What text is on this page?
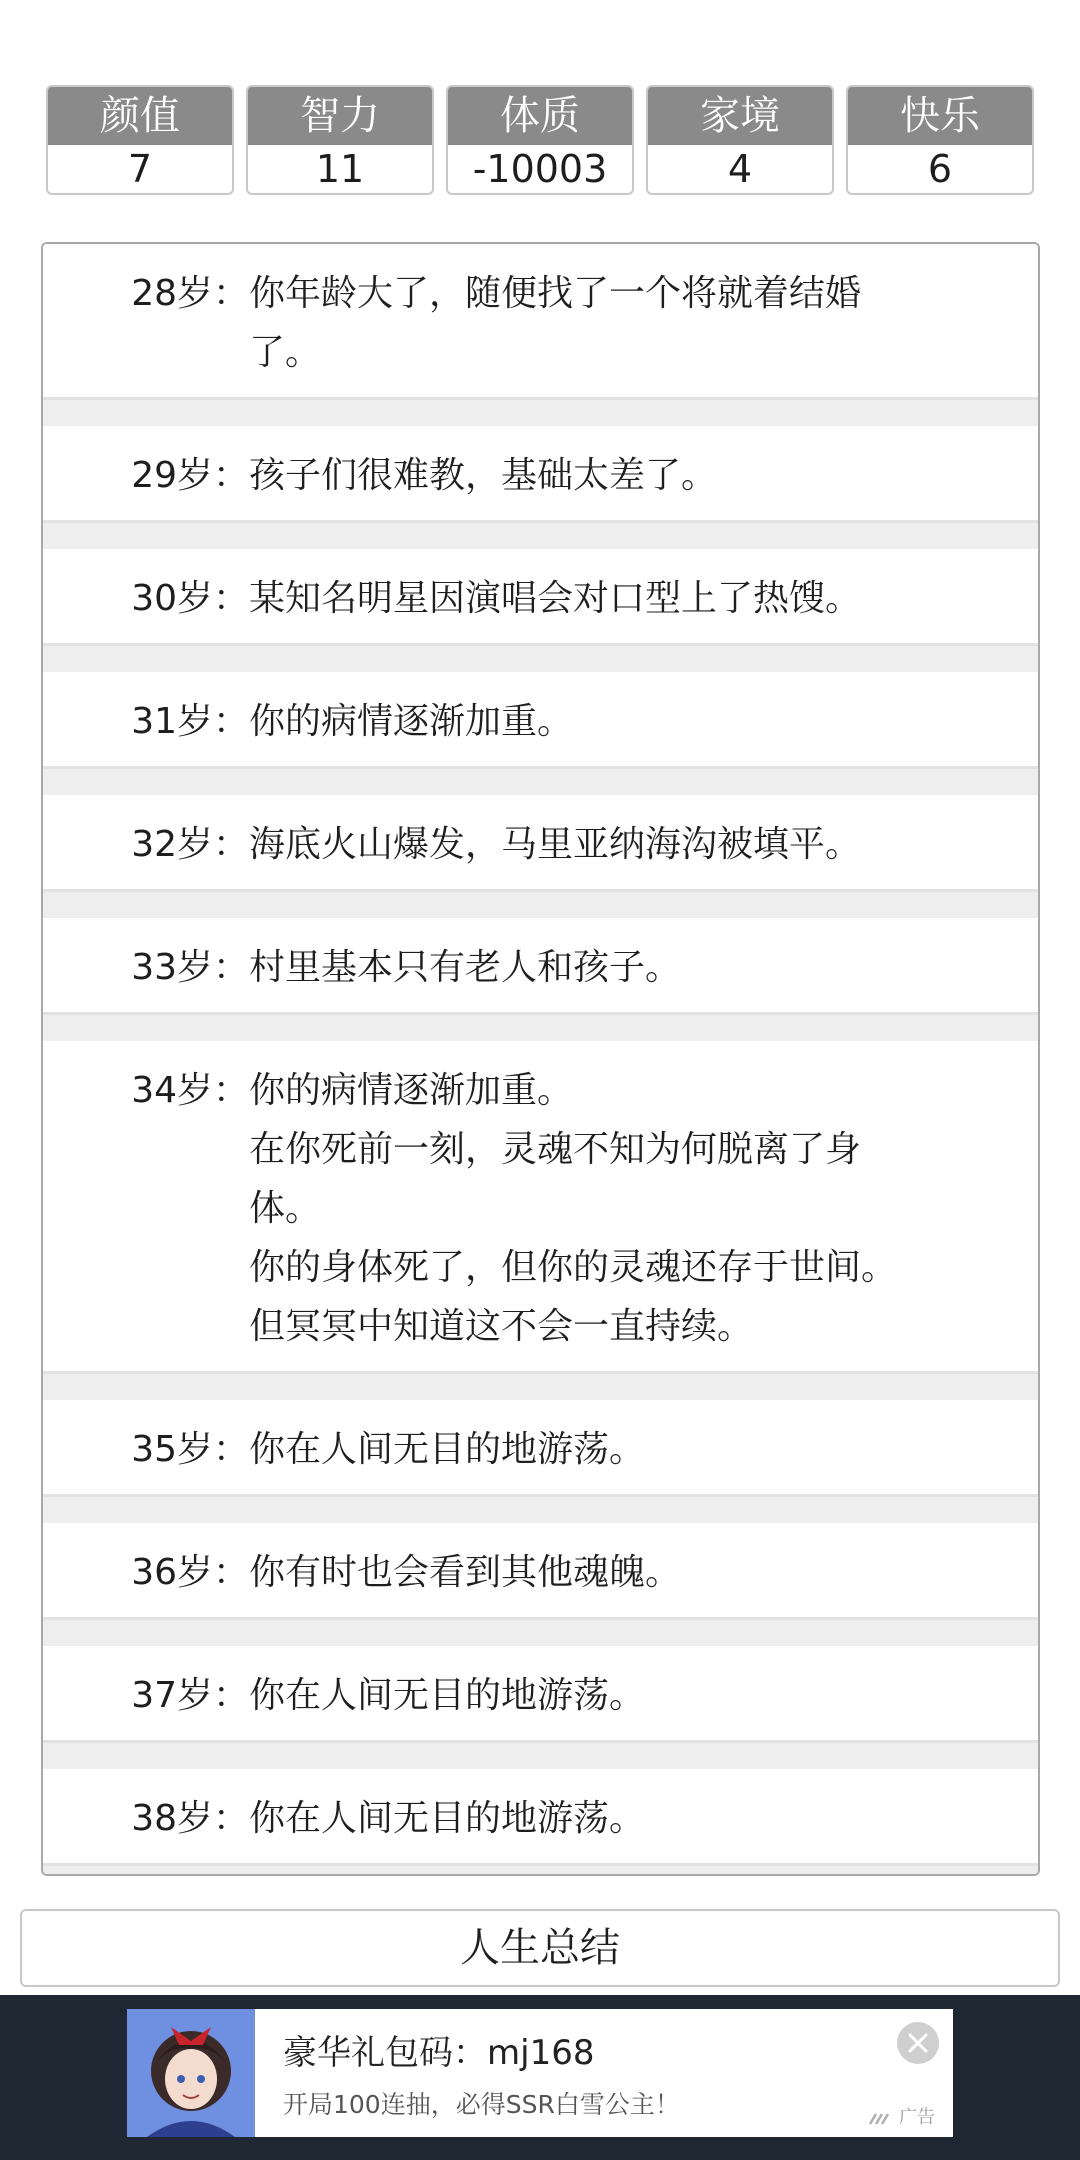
颜值
7
智力
11
体质
-10003
家境
4
快乐
6
28岁： 你年龄大了，随便找了一个将就着结婚
了。
29岁： 孩子们很难教，基础太差了。
30岁： 某知名明星因演唱会对口型上了热馊。
31岁： 你的病情逐渐加重。
32岁： 海底火山爆发，马里亚纳海沟被填平。
33岁： 村里基本只有老人和孩子。
34岁： 你的病情逐渐加重。
在你死前一刻，灵魂不知为何脱离了身
体。
你的身体死了，但你的灵魂还存于世间。
但冥冥中知道这不会一直持续。
35岁： 你在人间无目的地游荡。
36岁： 你有时也会看到其他魂魄。
37岁： 你在人间无目的地游荡。
38岁： 你在人间无目的地游荡。
人生总结
豪华礼包码：mj168
开局100连抽，必得SSR白雪公主！	广告
